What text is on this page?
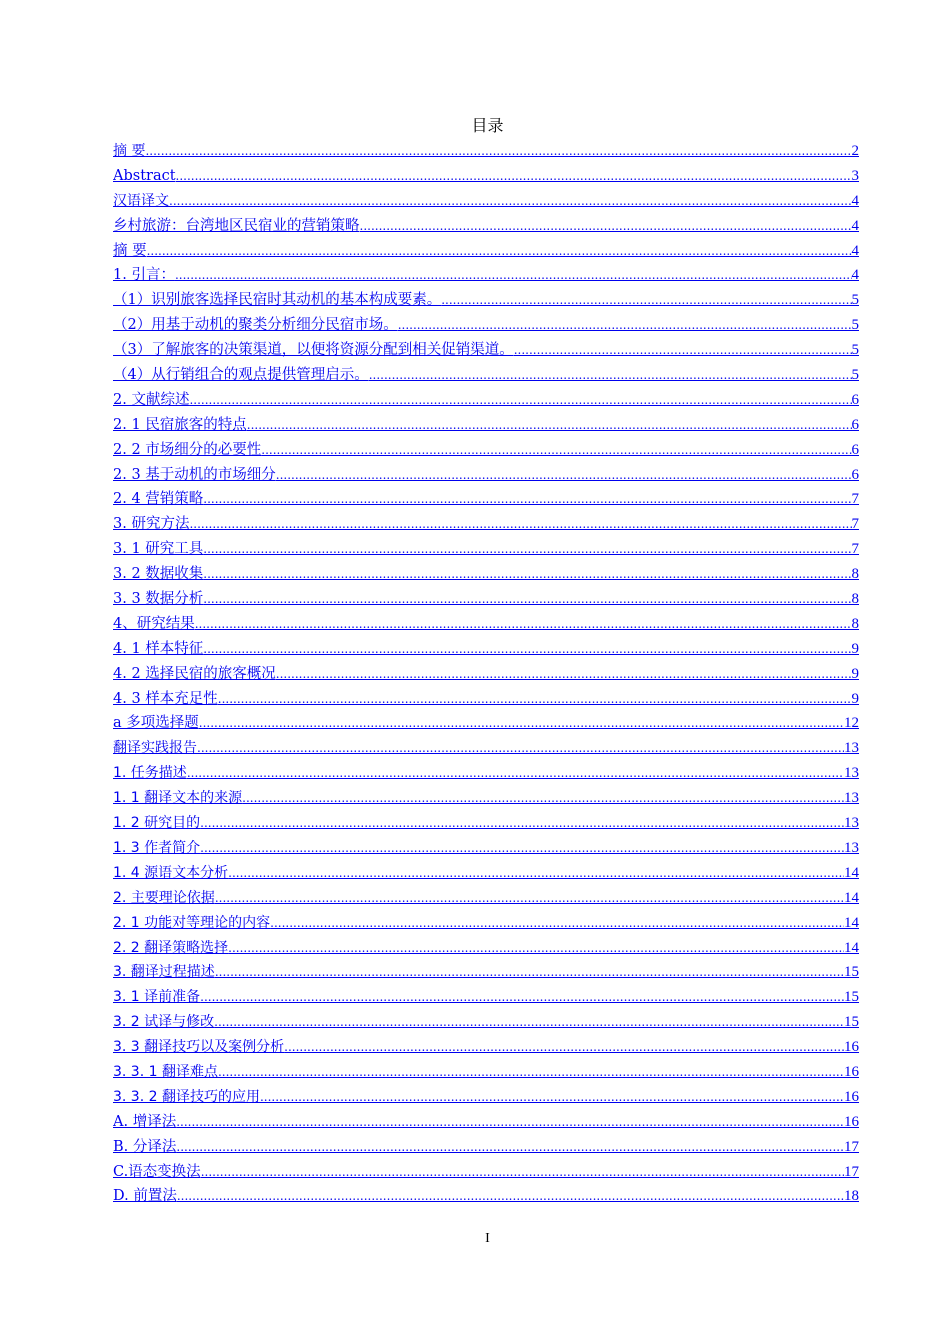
目录
摘 要 .....	2
Abstract .....	3
汉语译文 .....	4
乡村旅游：台湾地区民宿业的营销策略 .....	4
摘 要 .....	4
1. 引言： .....	4
（1）识别旅客选择民宿时其动机的基本构成要素。 .....	5
（2）用基于动机的聚类分析细分民宿市场。 .....	5
（3）了解旅客的决策渠道，以便将资源分配到相关促销渠道。 .....	5
（4）从行销组合的观点提供管理启示。 .....	5
2. 文献综述 .....	6
2. 1 民宿旅客的特点 .....	6
2. 2 市场细分的必要性 .....	6
2. 3 基于动机的市场细分 .....	6
2. 4 营销策略 .....	7
3. 研究方法 .....	7
3. 1 研究工具 .....	7
3. 2 数据收集 .....	8
3. 3 数据分析 .....	8
4、研究结果 .....	8
4. 1 样本特征 .....	9
4. 2 选择民宿的旅客概况 .....	9
4. 3 样本充足性 .....	9
a 多项选择题 .....	12
翻译实践报告 .....	13
1. 任务描述 .....	13
1. 1 翻译文本的来源 .....	13
1. 2 研究目的 .....	13
1. 3 作者简介 .....	13
1. 4 源语文本分析 .....	14
2. 主要理论依据 .....	14
2. 1 功能对等理论的内容 .....	14
2. 2 翻译策略选择 .....	14
3. 翻译过程描述 .....	15
3. 1 译前准备 .....	15
3. 2 试译与修改 .....	15
3. 3 翻译技巧以及案例分析 .....	16
3. 3. 1 翻译难点 .....	16
3. 3. 2 翻译技巧的应用 .....	16
A. 增译法 .....	16
B. 分译法 .....	17
C.语态变换法 .....	17
D. 前置法 .....	18
I
